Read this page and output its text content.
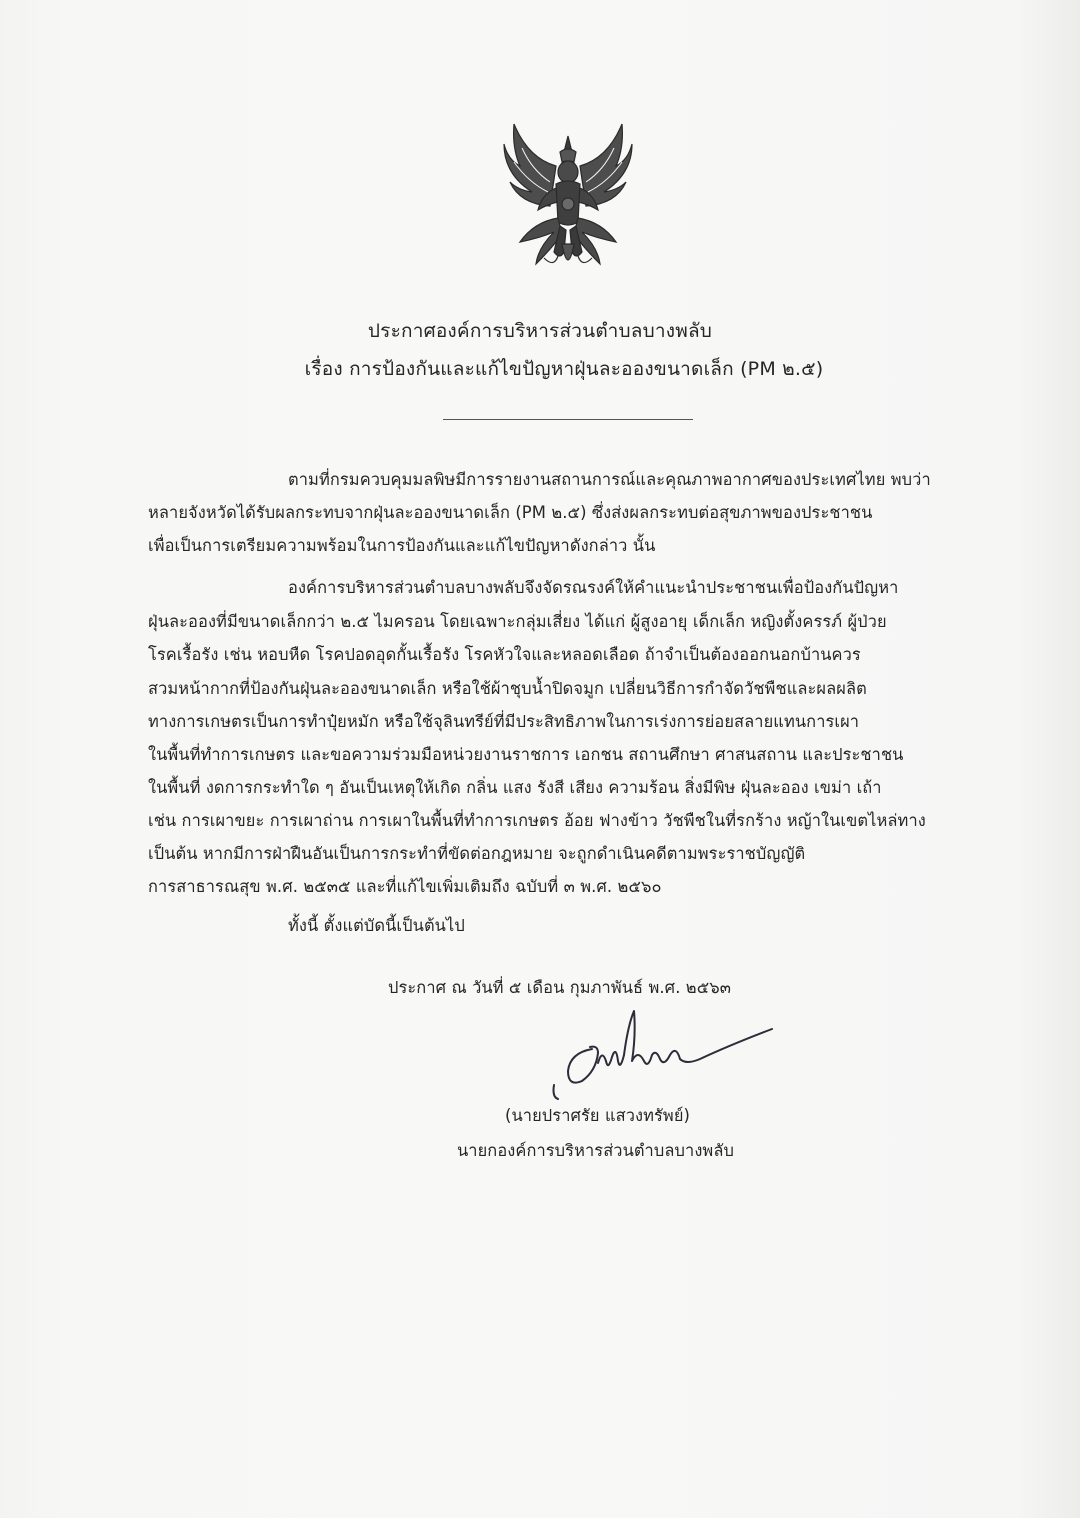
ประกาศองค์การบริหารส่วนตำบลบางพลับ
เรื่อง การป้องกันและแก้ไขปัญหาฝุ่นละอองขนาดเล็ก (PM ๒.๕)
ตามที่กรมควบคุมมลพิษมีการรายงานสถานการณ์และคุณภาพอากาศของประเทศไทย พบว่า
หลายจังหวัดได้รับผลกระทบจากฝุ่นละอองขนาดเล็ก (PM ๒.๕) ซึ่งส่งผลกระทบต่อสุขภาพของประชาชน
เพื่อเป็นการเตรียมความพร้อมในการป้องกันและแก้ไขปัญหาดังกล่าว นั้น
องค์การบริหารส่วนตำบลบางพลับจึงจัดรณรงค์ให้คำแนะนำประชาชนเพื่อป้องกันปัญหา
ฝุ่นละอองที่มีขนาดเล็กกว่า ๒.๕ ไมครอน โดยเฉพาะกลุ่มเสี่ยง ได้แก่ ผู้สูงอายุ เด็กเล็ก หญิงตั้งครรภ์ ผู้ป่วย
โรคเรื้อรัง เช่น หอบหืด โรคปอดอุดกั้นเรื้อรัง โรคหัวใจและหลอดเลือด ถ้าจำเป็นต้องออกนอกบ้านควร
สวมหน้ากากที่ป้องกันฝุ่นละอองขนาดเล็ก หรือใช้ผ้าชุบน้ำปิดจมูก เปลี่ยนวิธีการกำจัดวัชพืชและผลผลิต
ทางการเกษตรเป็นการทำปุ๋ยหมัก หรือใช้จุลินทรีย์ที่มีประสิทธิภาพในการเร่งการย่อยสลายแทนการเผา
ในพื้นที่ทำการเกษตร และขอความร่วมมือหน่วยงานราชการ เอกชน สถานศึกษา ศาสนสถาน และประชาชน
ในพื้นที่ งดการกระทำใด ๆ อันเป็นเหตุให้เกิด กลิ่น แสง รังสี เสียง ความร้อน สิ่งมีพิษ ฝุ่นละออง เขม่า เถ้า
เช่น การเผาขยะ การเผาถ่าน การเผาในพื้นที่ทำการเกษตร อ้อย ฟางข้าว วัชพืชในที่รกร้าง หญ้าในเขตไหล่ทาง
เป็นต้น หากมีการฝ่าฝืนอันเป็นการกระทำที่ขัดต่อกฎหมาย จะถูกดำเนินคดีตามพระราชบัญญัติ
การสาธารณสุข พ.ศ. ๒๕๓๕ และที่แก้ไขเพิ่มเติมถึง ฉบับที่ ๓ พ.ศ. ๒๕๖๐
ทั้งนี้ ตั้งแต่บัดนี้เป็นต้นไป
ประกาศ ณ วันที่ ๕ เดือน กุมภาพันธ์ พ.ศ. ๒๕๖๓
(นายปราศรัย แสวงทรัพย์)
นายกองค์การบริหารส่วนตำบลบางพลับ
